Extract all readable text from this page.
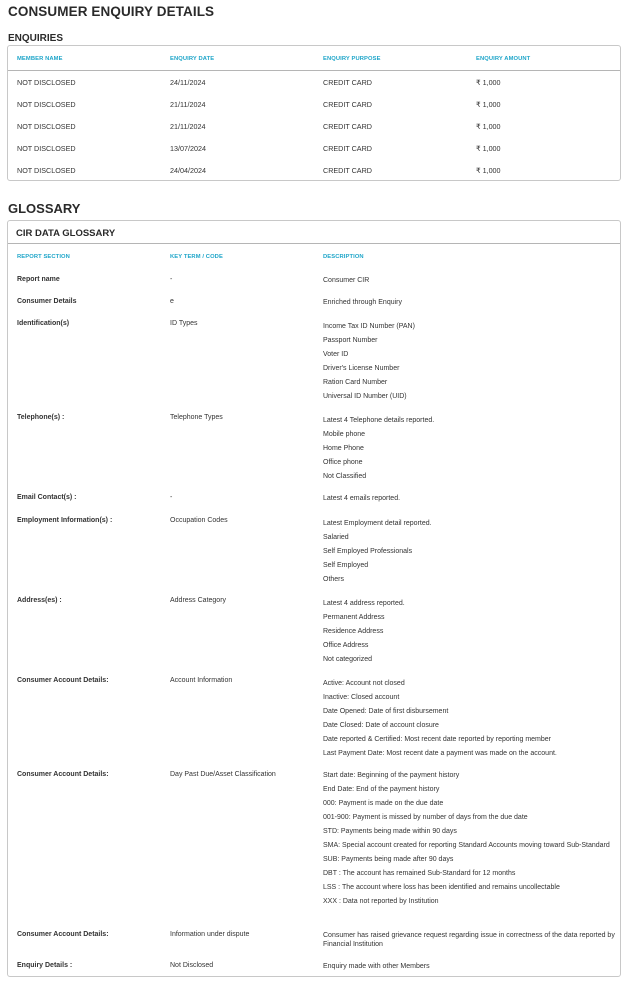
CONSUMER ENQUIRY DETAILS
ENQUIRIES
MEMBER NAME	ENQUIRY DATE	ENQUIRY PURPOSE	ENQUIRY AMOUNT
NOT DISCLOSED	24/11/2024	CREDIT CARD	₹ 1,000
NOT DISCLOSED	21/11/2024	CREDIT CARD	₹ 1,000
NOT DISCLOSED	21/11/2024	CREDIT CARD	₹ 1,000
NOT DISCLOSED	13/07/2024	CREDIT CARD	₹ 1,000
NOT DISCLOSED	24/04/2024	CREDIT CARD	₹ 1,000
GLOSSARY
CIR DATA GLOSSARY
REPORT SECTION	KEY TERM / CODE	DESCRIPTION
Report name	-	Consumer CIR
Consumer Details	e	Enriched through Enquiry
Identification(s)	ID Types	Income Tax ID Number (PAN)
Passport Number
Voter ID
Driver's License Number
Ration Card Number
Universal ID Number (UID)
Telephone(s) :	Telephone Types	Latest 4 Telephone details reported.
Mobile phone
Home Phone
Office phone
Not Classified
Email Contact(s) :	-	Latest 4 emails reported.
Employment Information(s) :	Occupation Codes	Latest Employment detail reported.
Salaried
Self Employed Professionals
Self Employed
Others
Address(es) :	Address Category	Latest 4 address reported.
Permanent Address
Residence Address
Office Address
Not categorized
Consumer Account Details:	Account Information	Active: Account not closed
Inactive: Closed account
Date Opened: Date of first disbursement
Date Closed: Date of account closure
Date reported & Certified: Most recent date reported by reporting member
Last Payment Date: Most recent date a payment was made on the account.
Consumer Account Details:	Day Past Due/Asset Classification	Start date: Beginning of the payment history
End Date: End of the payment history
000: Payment is made on the due date
001-900: Payment is missed by number of days from the due date
STD: Payments being made within 90 days
SMA: Special account created for reporting Standard Accounts moving toward Sub-Standard
SUB: Payments being made after 90 days
DBT : The account has remained Sub-Standard for 12 months
LSS : The account where loss has been identified and remains uncollectable
XXX : Data not reported by Institution
Consumer Account Details:	Information under dispute	Consumer has raised grievance request regarding issue in correctness of the data reported by Financial Institution
Enquiry Details :	Not Disclosed	Enquiry made with other Members
